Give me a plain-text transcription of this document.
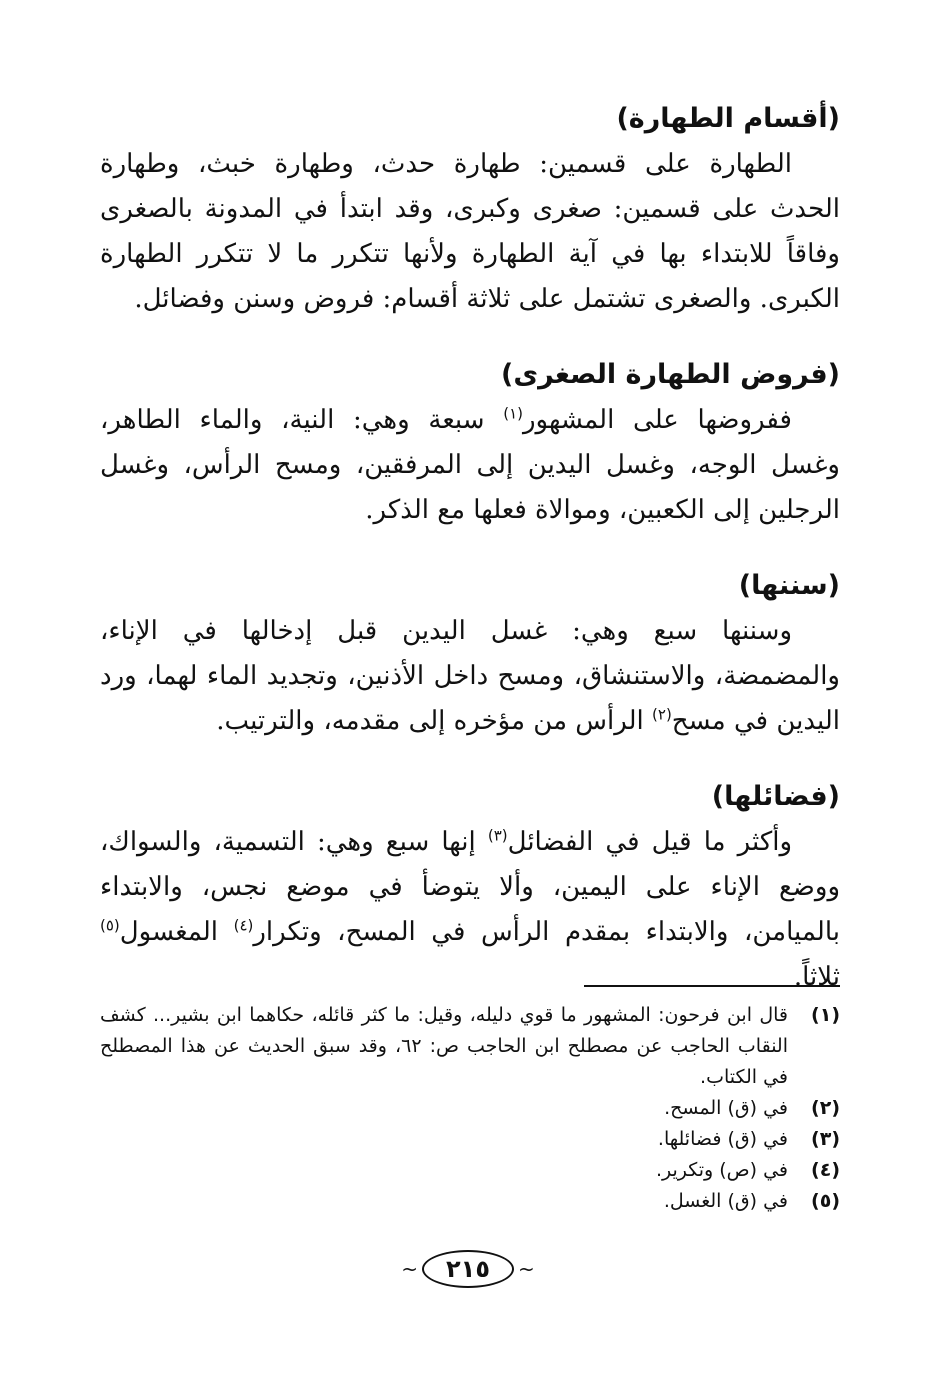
(أقسام الطهارة)

الطهارة على قسمين: طهارة حدث، وطهارة خبث، وطهارة الحدث على قسمين: صغرى وكبرى، وقد ابتدأ في المدونة بالصغرى وفاقاً للابتداء بها في آية الطهارة ولأنها تتكرر ما لا تتكرر الطهارة الكبرى. والصغرى تشتمل على ثلاثة أقسام: فروض وسنن وفضائل.

(فروض الطهارة الصغرى)

ففروضها على المشهور$^{(١)}$ سبعة وهي: النية، والماء الطاهر، وغسل الوجه، وغسل اليدين إلى المرفقين، ومسح الرأس، وغسل الرجلين إلى الكعبين، وموالاة فعلها مع الذكر.

(سننها)

وسننها سبع وهي: غسل اليدين قبل إدخالها في الإناء، والمضمضة، والاستنشاق، ومسح داخل الأذنين، وتجديد الماء لهما، ورد اليدين في مسح$^{(٢)}$ الرأس من مؤخره إلى مقدمه، والترتيب.

(فضائلها)

وأكثر ما قيل في الفضائل$^{(٣)}$ إنها سبع وهي: التسمية، والسواك، ووضع الإناء على اليمين، وألا يتوضأ في موضع نجس، والابتداء بالميامن، والابتداء بمقدم الرأس في المسح، وتكرار$^{(٤)}$ المغسول$^{(٥)}$ ثلاثاً.

(١)
قال ابن فرحون: المشهور ما قوي دليله، وقيل: ما كثر قائله، حكاهما ابن بشير... كشف النقاب الحاجب عن مصطلح ابن الحاجب ص: ٦٢، وقد سبق الحديث عن هذا المصطلح في الكتاب.
(٢)
في (ق) المسح.
(٣)
في (ق) فضائلها.
(٤)
في (ص) وتكرير.
(٥)
في (ق) الغسل.
~	٢١٥	~
